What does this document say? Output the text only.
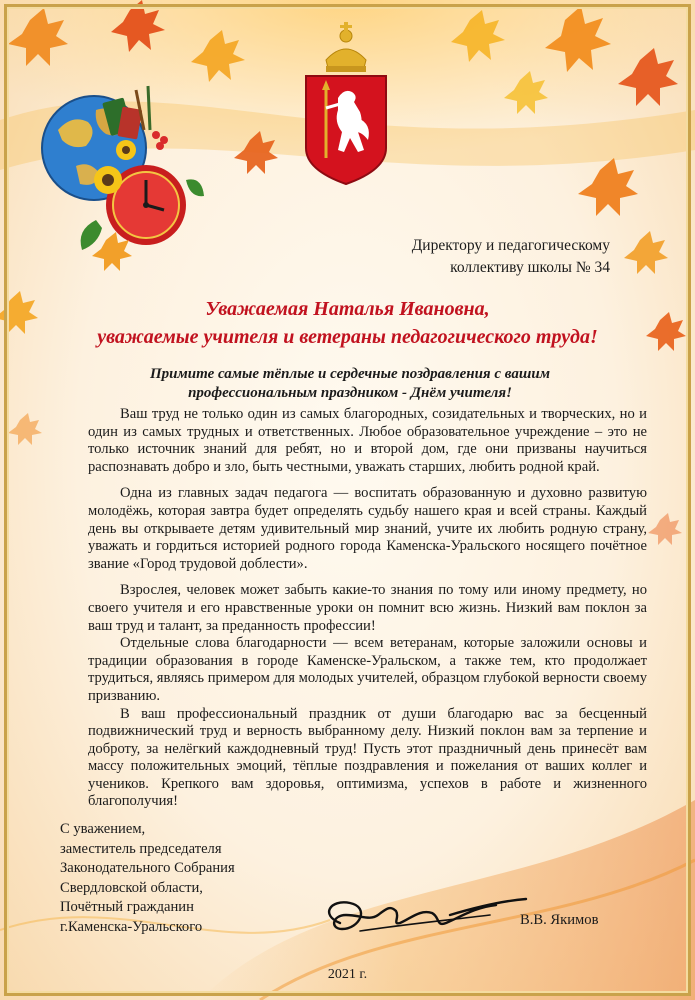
Директору и педагогическому
коллективу школы № 34
Уважаемая Наталья Ивановна,
уважаемые учителя и ветераны педагогического труда!
Примите самые тёплые и сердечные поздравления с вашим
профессиональным праздником - Днём учителя!

Ваш труд не только один из самых благородных, созидательных и творческих, но и один из самых трудных и ответственных. Любое образовательное учреждение – это не только источник знаний для ребят, но и второй дом, где они призваны научиться распознавать добро и зло, быть честными, уважать старших, любить родной край.

Одна из главных задач педагога — воспитать образованную и духовно развитую молодёжь, которая завтра будет определять судьбу нашего края и всей страны. Каждый день вы открываете детям удивительный мир знаний, учите их любить родную страну, уважать и гордиться историей родного города Каменска-Уральского носящего почётное звание «Город трудовой доблести».

Взрослея, человек может забыть какие-то знания по тому или иному предмету, но своего учителя и его нравственные уроки он помнит всю жизнь. Низкий вам поклон за ваш труд и талант, за преданность профессии!

Отдельные слова благодарности — всем ветеранам, которые заложили основы и традиции образования в городе Каменске-Уральском, а также тем, кто продолжает трудиться, являясь примером для молодых учителей, образцом глубокой верности своему призванию.

В ваш профессиональный праздник от души благодарю вас за бесценный подвижнический труд и верность выбранному делу. Низкий поклон вам за терпение и доброту, за нелёгкий каждодневный труд! Пусть этот праздничный день принесёт вам массу положительных эмоций, тёплые поздравления и пожелания от ваших коллег и учеников. Крепкого вам здоровья, оптимизма, успехов в работе и жизненного благополучия!

С уважением,
заместитель председателя
Законодательного Собрания
Свердловской области,
Почётный гражданин
г.Каменска-Уральского	В.В. Якимов
2021 г.
